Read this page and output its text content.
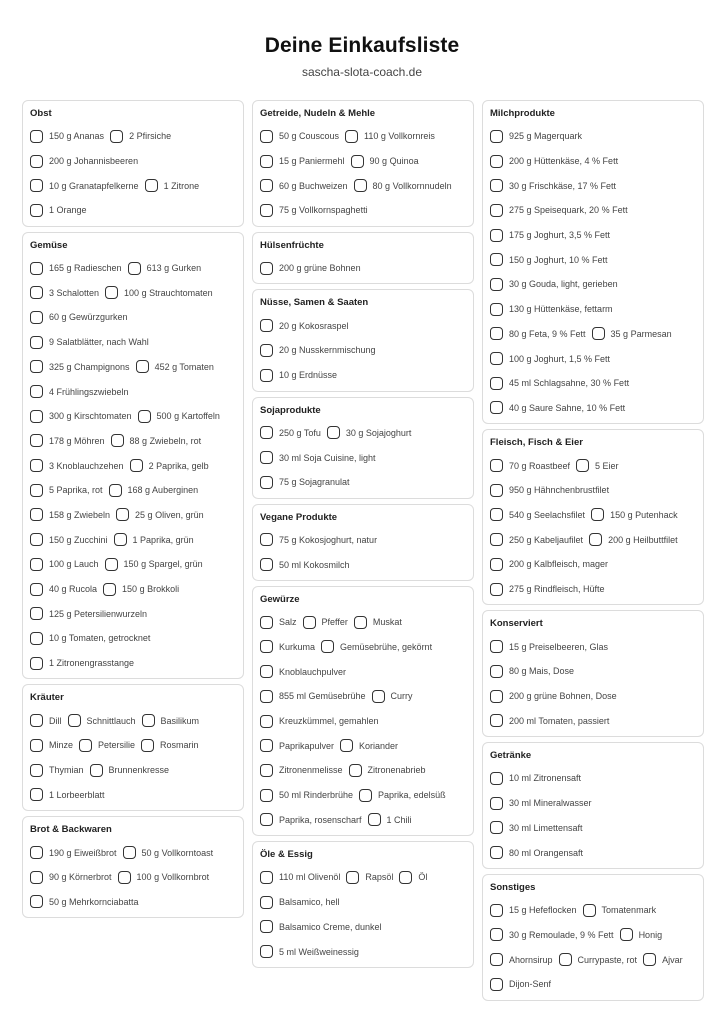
Deine Einkaufsliste
sascha-slota-coach.de
Obst
150 g Ananas	2 Pfirsiche
200 g Johannisbeeren
10 g Granatapfelkerne	1 Zitrone
1 Orange
Gemüse
165 g Radieschen	613 g Gurken
3 Schalotten	100 g Strauchtomaten
60 g Gewürzgurken
9 Salatblätter, nach Wahl
325 g Champignons	452 g Tomaten
4 Frühlingszwiebeln
300 g Kirschtomaten	500 g Kartoffeln
178 g Möhren	88 g Zwiebeln, rot
3 Knoblauchzehen	2 Paprika, gelb
5 Paprika, rot	168 g Auberginen
158 g Zwiebeln	25 g Oliven, grün
150 g Zucchini	1 Paprika, grün
100 g Lauch	150 g Spargel, grün
40 g Rucola	150 g Brokkoli
125 g Petersilienwurzeln
10 g Tomaten, getrocknet
1 Zitronengrasstange
Kräuter
Dill	Schnittlauch	Basilikum
Minze	Petersilie	Rosmarin
Thymian	Brunnenkresse
1 Lorbeerblatt
Brot & Backwaren
190 g Eiweißbrot	50 g Vollkorntoast
90 g Körnerbrot	100 g Vollkornbrot
50 g Mehrkornciabatta
Getreide, Nudeln & Mehle
50 g Couscous	110 g Vollkornreis
15 g Paniermehl	90 g Quinoa
60 g Buchweizen	80 g Vollkornnudeln
75 g Vollkornspaghetti
Hülsenfrüchte
200 g grüne Bohnen
Nüsse, Samen & Saaten
20 g Kokosraspel
20 g Nusskernmischung
10 g Erdnüsse
Sojaprodukte
250 g Tofu	30 g Sojajoghurt
30 ml Soja Cuisine, light
75 g Sojagranulat
Vegane Produkte
75 g Kokosjoghurt, natur
50 ml Kokosmilch
Gewürze
Salz	Pfeffer	Muskat
Kurkuma	Gemüsebrühe, gekörnt
Knoblauchpulver
855 ml Gemüsebrühe	Curry
Kreuzkümmel, gemahlen
Paprikapulver	Koriander
Zitronenmelisse	Zitronenabrieb
50 ml Rinderbrühe	Paprika, edelsüß
Paprika, rosenscharf	1 Chili
Öle & Essig
110 ml Olivenöl	Rapsöl	Öl
Balsamico, hell
Balsamico Creme, dunkel
5 ml Weißweinessig
Milchprodukte
925 g Magerquark
200 g Hüttenkäse, 4 % Fett
30 g Frischkäse, 17 % Fett
275 g Speisequark, 20 % Fett
175 g Joghurt, 3,5 % Fett
150 g Joghurt, 10 % Fett
30 g Gouda, light, gerieben
130 g Hüttenkäse, fettarm
80 g Feta, 9 % Fett	35 g Parmesan
100 g Joghurt, 1,5 % Fett
45 ml Schlagsahne, 30 % Fett
40 g Saure Sahne, 10 % Fett
Fleisch, Fisch & Eier
70 g Roastbeef	5 Eier
950 g Hähnchenbrustfilet
540 g Seelachsfilet	150 g Putenhack
250 g Kabeljaufilet	200 g Heilbuttfilet
200 g Kalbfleisch, mager
275 g Rindfleisch, Hüfte
Konserviert
15 g Preiselbeeren, Glas
80 g Mais, Dose
200 g grüne Bohnen, Dose
200 ml Tomaten, passiert
Getränke
10 ml Zitronensaft
30 ml Mineralwasser
30 ml Limettensaft
80 ml Orangensaft
Sonstiges
15 g Hefeflocken	Tomatenmark
30 g Remoulade, 9 % Fett	Honig
Ahornsirup	Currypaste, rot	Ajvar
Dijon-Senf
